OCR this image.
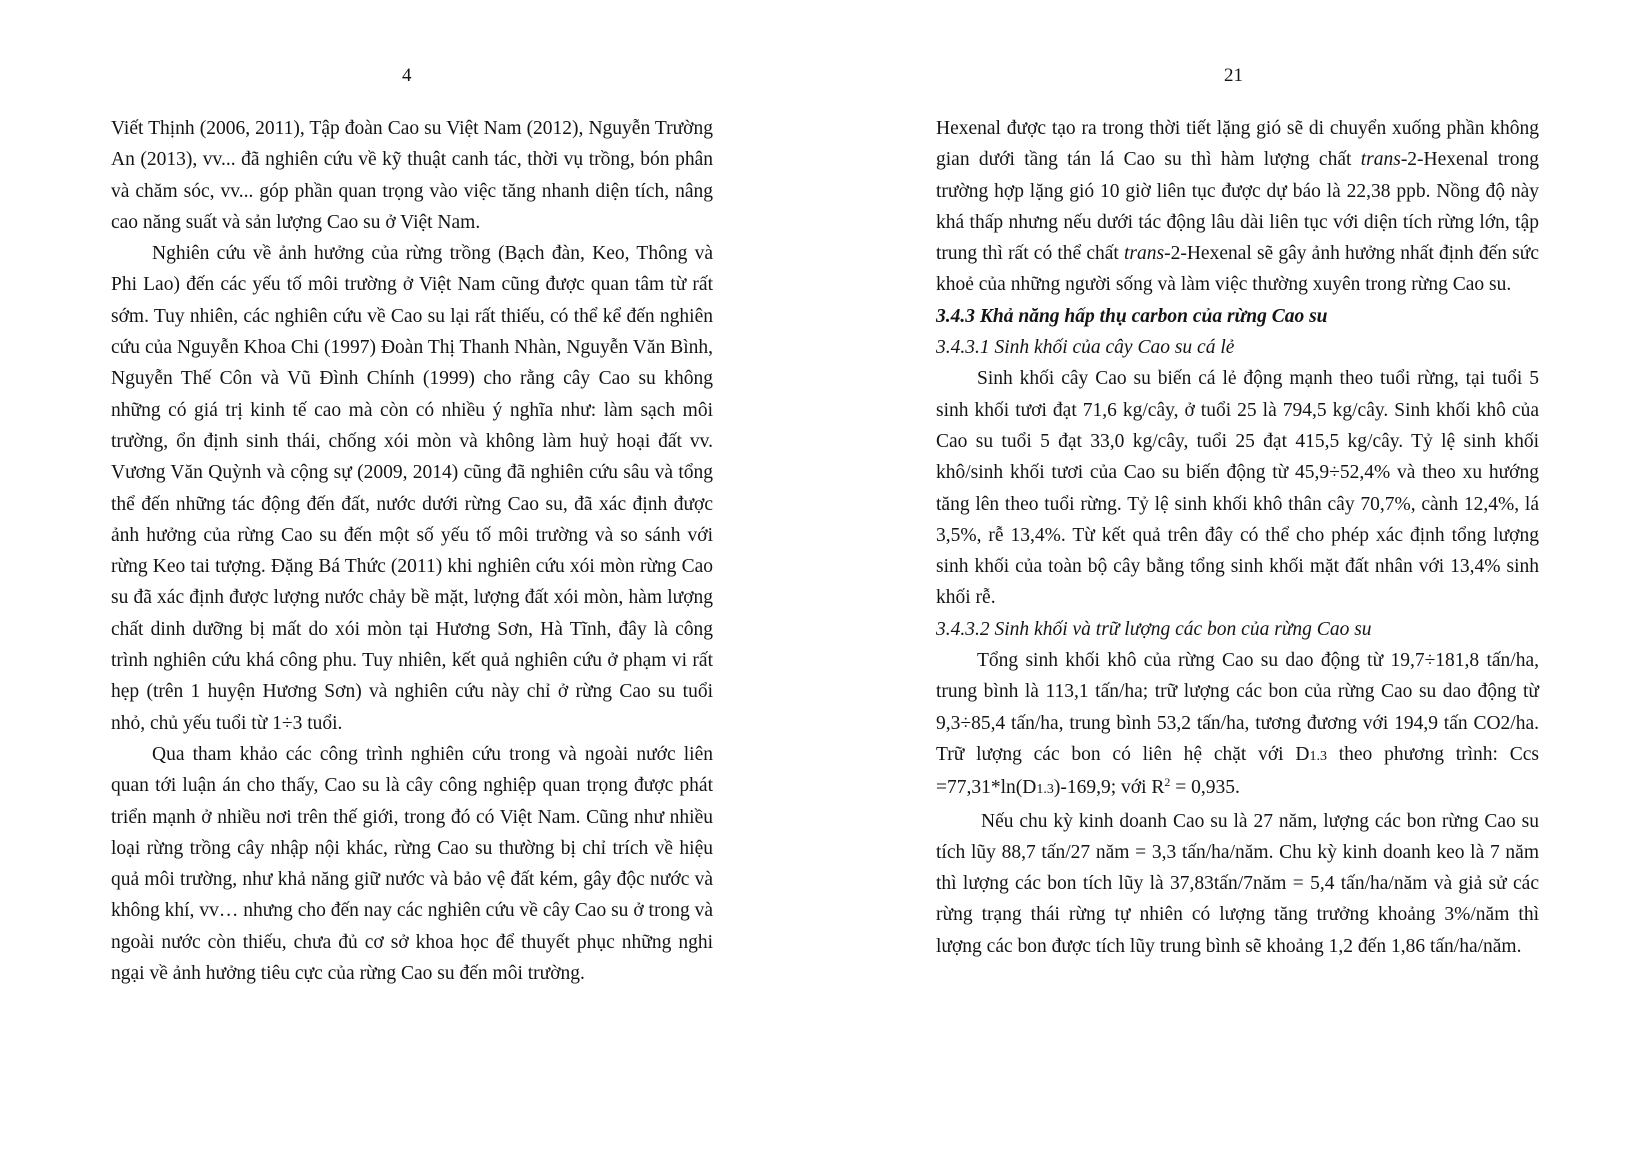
4

Viết Thịnh (2006, 2011), Tập đoàn Cao su Việt Nam (2012), Nguyễn Trường An (2013), vv... đã nghiên cứu về kỹ thuật canh tác, thời vụ trồng, bón phân và chăm sóc, vv... góp phần quan trọng vào việc tăng nhanh diện tích, nâng cao năng suất và sản lượng Cao su ở Việt Nam.

Nghiên cứu về ảnh hưởng của rừng trồng (Bạch đàn, Keo, Thông và Phi Lao) đến các yếu tố môi trường ở Việt Nam cũng được quan tâm từ rất sớm. Tuy nhiên, các nghiên cứu về Cao su lại rất thiếu, có thể kể đến nghiên cứu của Nguyễn Khoa Chi (1997) Đoàn Thị Thanh Nhàn, Nguyễn Văn Bình, Nguyễn Thế Côn và Vũ Đình Chính (1999) cho rằng cây Cao su không những có giá trị kinh tế cao mà còn có nhiều ý nghĩa như: làm sạch môi trường, ổn định sinh thái, chống xói mòn và không làm huỷ hoại đất vv. Vương Văn Quỳnh và cộng sự (2009, 2014) cũng đã nghiên cứu sâu và tổng thể đến những tác động đến đất, nước dưới rừng Cao su, đã xác định được ảnh hưởng của rừng Cao su đến một số yếu tố môi trường và so sánh với rừng Keo tai tượng. Đặng Bá Thức (2011) khi nghiên cứu xói mòn rừng Cao su đã xác định được lượng nước chảy bề mặt, lượng đất xói mòn, hàm lượng chất dinh dưỡng bị mất do xói mòn tại Hương Sơn, Hà Tĩnh, đây là công trình nghiên cứu khá công phu. Tuy nhiên, kết quả nghiên cứu ở phạm vi rất hẹp (trên 1 huyện Hương Sơn) và nghiên cứu này chỉ ở rừng Cao su tuổi nhỏ, chủ yếu tuổi từ 1÷3 tuổi.

Qua tham khảo các công trình nghiên cứu trong và ngoài nước liên quan tới luận án cho thấy, Cao su là cây công nghiệp quan trọng được phát triển mạnh ở nhiều nơi trên thế giới, trong đó có Việt Nam. Cũng như nhiều loại rừng trồng cây nhập nội khác, rừng Cao su thường bị chỉ trích về hiệu quả môi trường, như khả năng giữ nước và bảo vệ đất kém, gây độc nước và không khí, vv… nhưng cho đến nay các nghiên cứu về cây Cao su ở trong và ngoài nước còn thiếu, chưa đủ cơ sở khoa học để thuyết phục những nghi ngại về ảnh hưởng tiêu cực của rừng Cao su đến môi trường.

21

Hexenal được tạo ra trong thời tiết lặng gió sẽ di chuyển xuống phần không gian dưới tầng tán lá Cao su thì hàm lượng chất trans-2-Hexenal trong trường hợp lặng gió 10 giờ liên tục được dự báo là 22,38 ppb. Nồng độ này khá thấp nhưng nếu dưới tác động lâu dài liên tục với diện tích rừng lớn, tập trung thì rất có thể chất trans-2-Hexenal sẽ gây ảnh hưởng nhất định đến sức khoẻ của những người sống và làm việc thường xuyên trong rừng Cao su.

3.4.3 Khả năng hấp thụ carbon của rừng Cao su

3.4.3.1 Sinh khối của cây Cao su cá lẻ

Sinh khối cây Cao su biến cá lẻ động mạnh theo tuổi rừng, tại tuổi 5 sinh khối tươi đạt 71,6 kg/cây, ở tuổi 25 là 794,5 kg/cây. Sinh khối khô của Cao su tuổi 5 đạt 33,0 kg/cây, tuổi 25 đạt 415,5 kg/cây. Tỷ lệ sinh khối khô/sinh khối tươi của Cao su biến động từ 45,9÷52,4% và theo xu hướng tăng lên theo tuổi rừng. Tỷ lệ sinh khối khô thân cây 70,7%, cành 12,4%, lá 3,5%, rễ 13,4%. Từ kết quả trên đây có thể cho phép xác định tổng lượng sinh khối của toàn bộ cây bằng tổng sinh khối mặt đất nhân với 13,4% sinh khối rễ.

3.4.3.2 Sinh khối và trữ lượng các bon của rừng Cao su

Tổng sinh khối khô của rừng Cao su dao động từ 19,7÷181,8 tấn/ha, trung bình là 113,1 tấn/ha; trữ lượng các bon của rừng Cao su dao động từ 9,3÷85,4 tấn/ha, trung bình 53,2 tấn/ha, tương đương với 194,9 tấn CO2/ha. Trữ lượng các bon có liên hệ chặt với D1.3 theo phương trình: Ccs =77,31*ln(D1.3)-169,9; với $R^2 = 0,935$.

Nếu chu kỳ kinh doanh Cao su là 27 năm, lượng các bon rừng Cao su tích lũy 88,7 tấn/27 năm = 3,3 tấn/ha/năm. Chu kỳ kinh doanh keo là 7 năm thì lượng các bon tích lũy là 37,83tấn/7năm = 5,4 tấn/ha/năm và giả sử các rừng trạng thái rừng tự nhiên có lượng tăng trưởng khoảng 3%/năm thì lượng các bon được tích lũy trung bình sẽ khoảng 1,2 đến 1,86 tấn/ha/năm.
